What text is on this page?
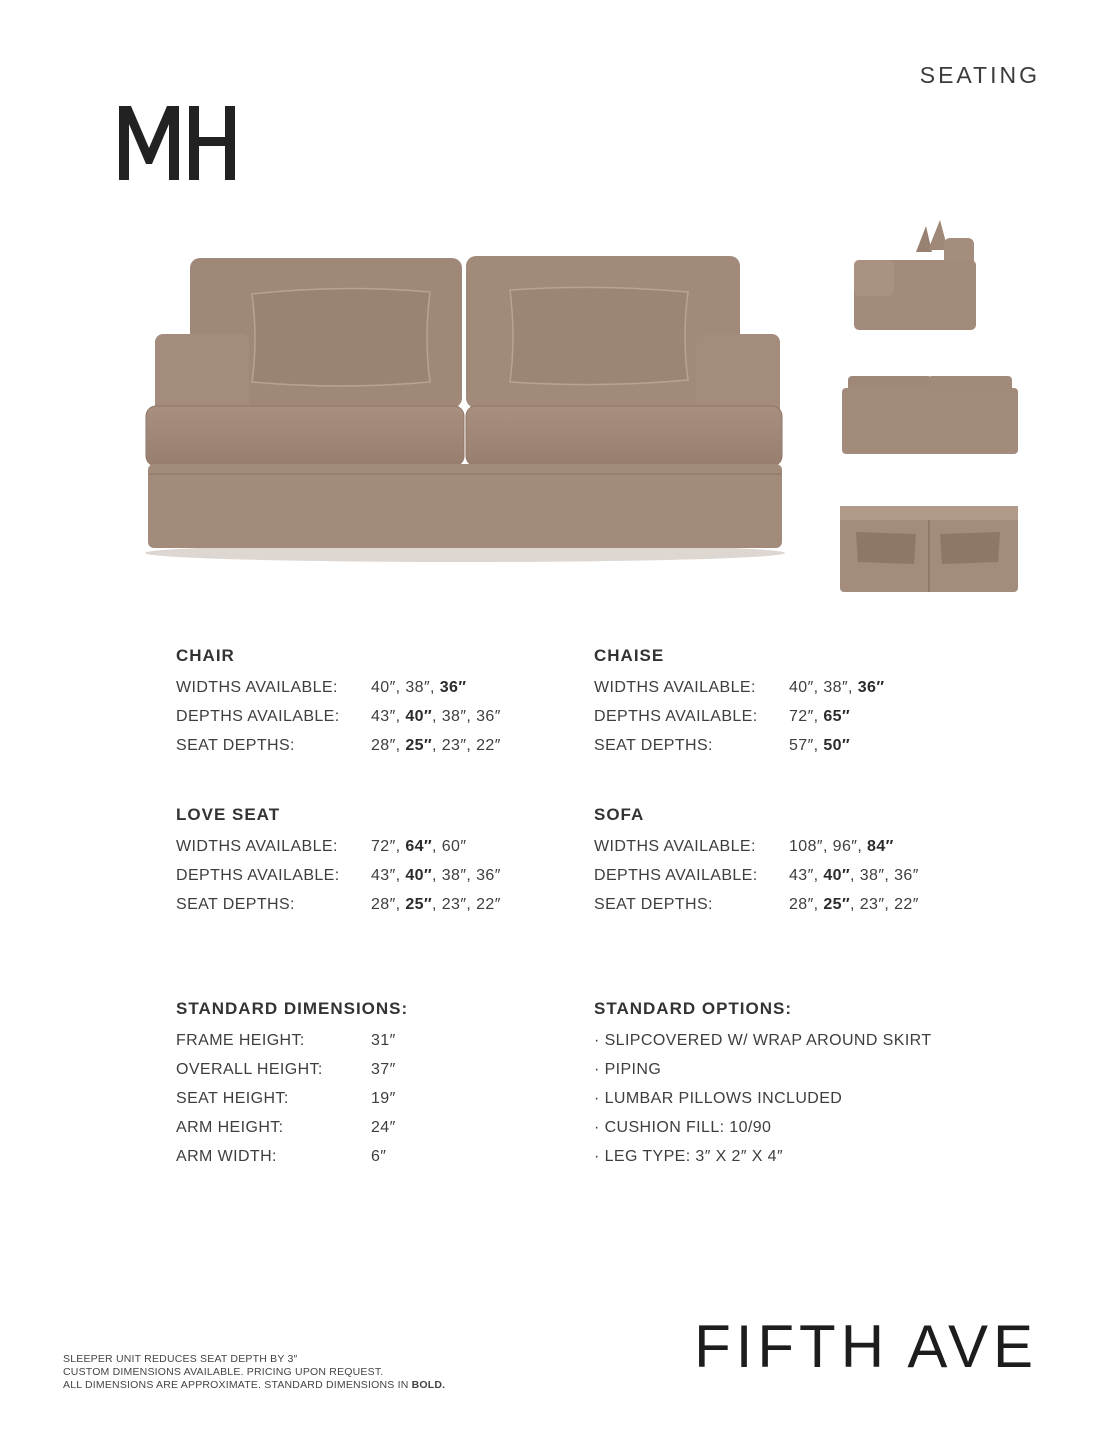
SEATING
CHAIR
WIDTHS AVAILABLE:	40″, 38″, 36″
DEPTHS AVAILABLE:	43″, 40″, 38″, 36″
SEAT DEPTHS:	28″, 25″, 23″, 22″
CHAISE
WIDTHS AVAILABLE:	40″, 38″, 36″
DEPTHS AVAILABLE:	72″, 65″
SEAT DEPTHS:	57″, 50″
LOVE SEAT
WIDTHS AVAILABLE:	72″, 64″, 60″
DEPTHS AVAILABLE:	43″, 40″, 38″, 36″
SEAT DEPTHS:	28″, 25″, 23″, 22″
SOFA
WIDTHS AVAILABLE:	108″, 96″, 84″
DEPTHS AVAILABLE:	43″, 40″, 38″, 36″
SEAT DEPTHS:	28″, 25″, 23″, 22″
STANDARD DIMENSIONS:
FRAME HEIGHT:	31″
OVERALL HEIGHT:	37″
SEAT HEIGHT:	19″
ARM HEIGHT:	24″
ARM WIDTH:	6″
STANDARD OPTIONS:
· SLIPCOVERED W/ WRAP AROUND SKIRT
· PIPING
· LUMBAR PILLOWS INCLUDED
· CUSHION FILL: 10/90
· LEG TYPE: 3″ X 2″ X 4″
FIFTH AVE
SLEEPER UNIT REDUCES SEAT DEPTH BY 3″
CUSTOM DIMENSIONS AVAILABLE. PRICING UPON REQUEST.
ALL DIMENSIONS ARE APPROXIMATE. STANDARD DIMENSIONS IN BOLD.
